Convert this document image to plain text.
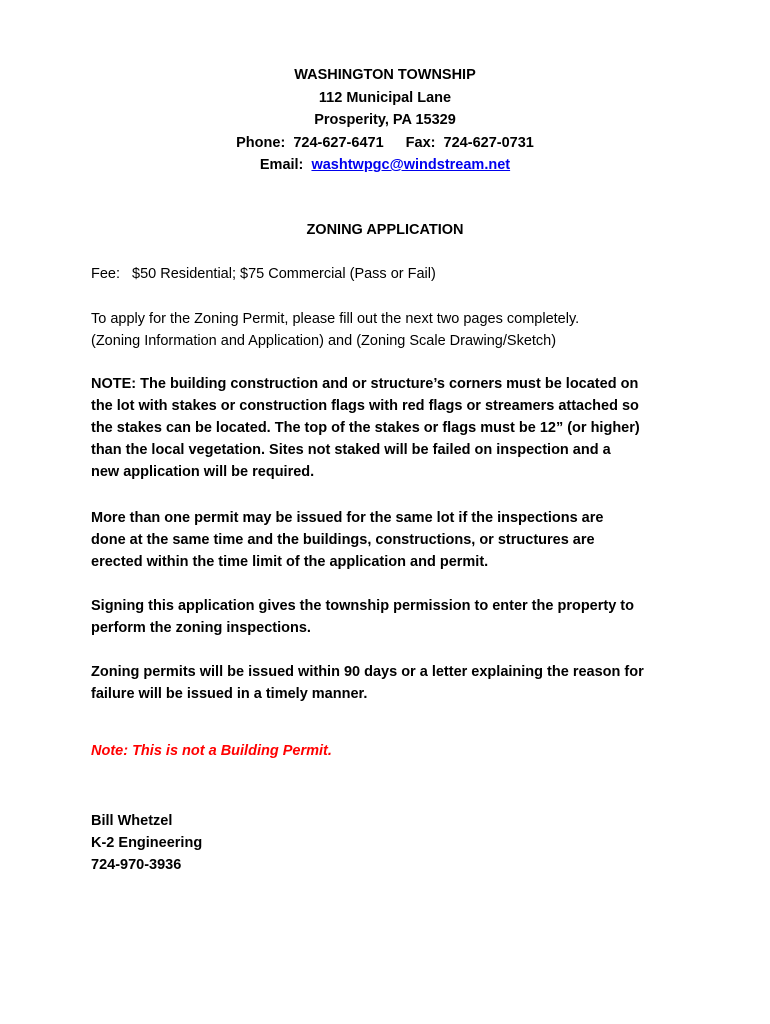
WASHINGTON TOWNSHIP
112 Municipal Lane
Prosperity, PA 15329
Phone: 724-627-6471 Fax: 724-627-0731
Email: washtwpgc@windstream.net
ZONING APPLICATION
Fee: $50 Residential; $75 Commercial (Pass or Fail)
To apply for the Zoning Permit, please fill out the next two pages completely.
(Zoning Information and Application) and (Zoning Scale Drawing/Sketch)
NOTE: The building construction and or structure’s corners must be located on
the lot with stakes or construction flags with red flags or streamers attached so
the stakes can be located. The top of the stakes or flags must be 12” (or higher)
than the local vegetation. Sites not staked will be failed on inspection and a
new application will be required.
More than one permit may be issued for the same lot if the inspections are
done at the same time and the buildings, constructions, or structures are
erected within the time limit of the application and permit.
Signing this application gives the township permission to enter the property to
perform the zoning inspections.
Zoning permits will be issued within 90 days or a letter explaining the reason for
failure will be issued in a timely manner.
Note: This is not a Building Permit.
Bill Whetzel
K-2 Engineering
724-970-3936
